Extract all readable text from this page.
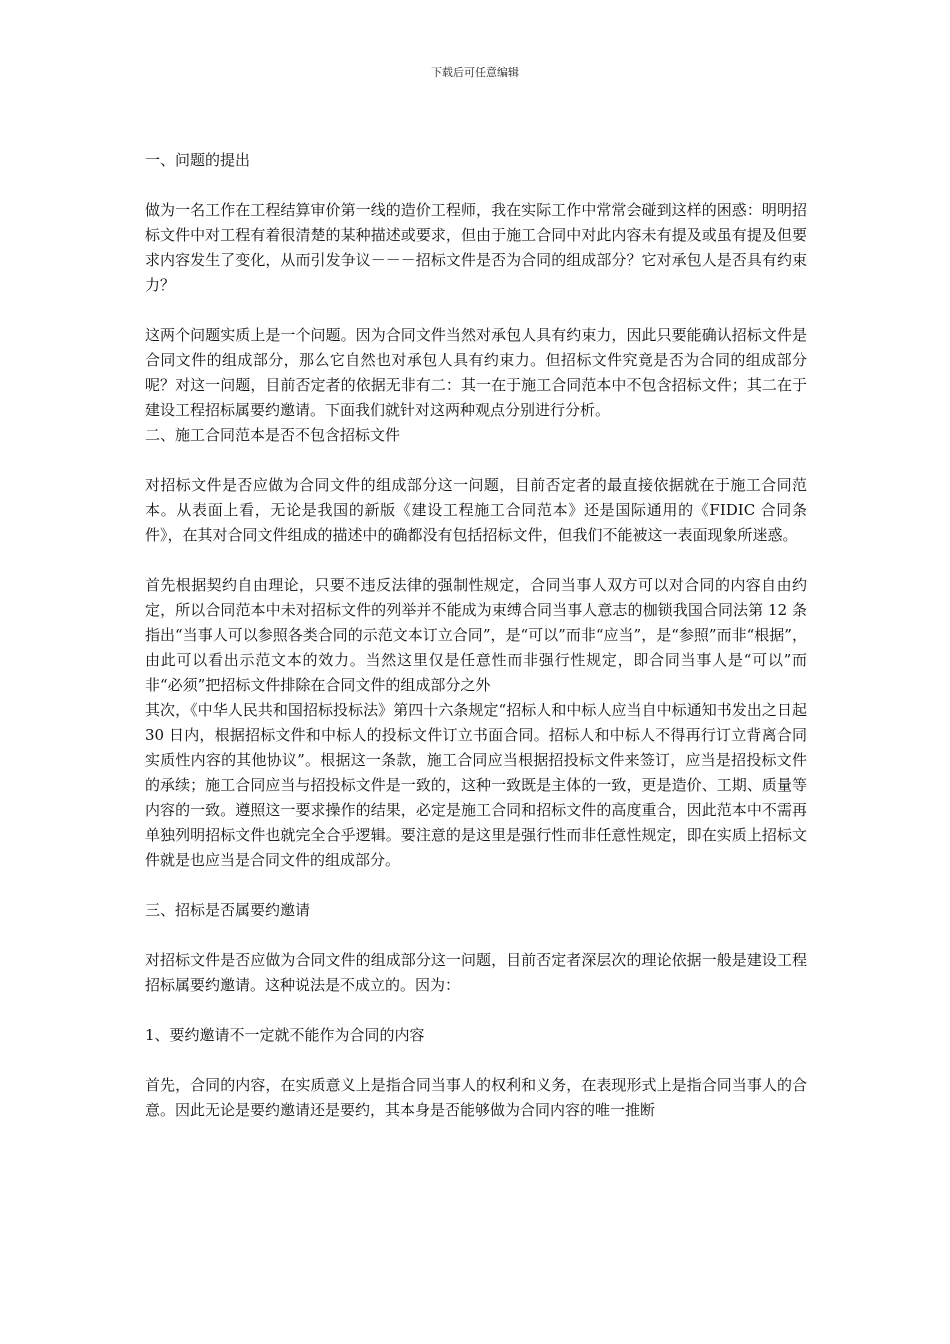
下载后可任意编辑

一、问题的提出

做为一名工作在工程结算审价第一线的造价工程师，我在实际工作中常常会碰到这样的困惑：明明招标文件中对工程有着很清楚的某种描述或要求，但由于施工合同中对此内容未有提及或虽有提及但要求内容发生了变化，从而引发争议－－－招标文件是否为合同的组成部分？它对承包人是否具有约束力？

这两个问题实质上是一个问题。因为合同文件当然对承包人具有约束力，因此只要能确认招标文件是合同文件的组成部分，那么它自然也对承包人具有约束力。但招标文件究竟是否为合同的组成部分呢？对这一问题，目前否定者的依据无非有二：其一在于施工合同范本中不包含招标文件；其二在于建设工程招标属要约邀请。下面我们就针对这两种观点分别进行分析。

二、施工合同范本是否不包含招标文件

对招标文件是否应做为合同文件的组成部分这一问题，目前否定者的最直接依据就在于施工合同范本。从表面上看，无论是我国的新版《建设工程施工合同范本》还是国际通用的《FIDIC 合同条件》，在其对合同文件组成的描述中的确都没有包括招标文件，但我们不能被这一表面现象所迷惑。

首先根据契约自由理论，只要不违反法律的强制性规定，合同当事人双方可以对合同的内容自由约定，所以合同范本中未对招标文件的列举并不能成为束缚合同当事人意志的枷锁我国合同法第 12 条指出“当事人可以参照各类合同的示范文本订立合同”，是“可以”而非“应当”，是“参照”而非“根据”，由此可以看出示范文本的效力。当然这里仅是任意性而非强行性规定，即合同当事人是“可以”而非“必须”把招标文件排除在合同文件的组成部分之外

其次，《中华人民共和国招标投标法》第四十六条规定“招标人和中标人应当自中标通知书发出之日起 30 日内，根据招标文件和中标人的投标文件订立书面合同。招标人和中标人不得再行订立背离合同实质性内容的其他协议”。根据这一条款，施工合同应当根据招投标文件来签订，应当是招投标文件的承续；施工合同应当与招投标文件是一致的，这种一致既是主体的一致，更是造价、工期、质量等内容的一致。遵照这一要求操作的结果，必定是施工合同和招标文件的高度重合，因此范本中不需再单独列明招标文件也就完全合乎逻辑。要注意的是这里是强行性而非任意性规定，即在实质上招标文件就是也应当是合同文件的组成部分。

三、招标是否属要约邀请

对招标文件是否应做为合同文件的组成部分这一问题，目前否定者深层次的理论依据一般是建设工程招标属要约邀请。这种说法是不成立的。因为：

1、要约邀请不一定就不能作为合同的内容

首先，合同的内容，在实质意义上是指合同当事人的权利和义务，在表现形式上是指合同当事人的合意。因此无论是要约邀请还是要约，其本身是否能够做为合同内容的唯一推断
